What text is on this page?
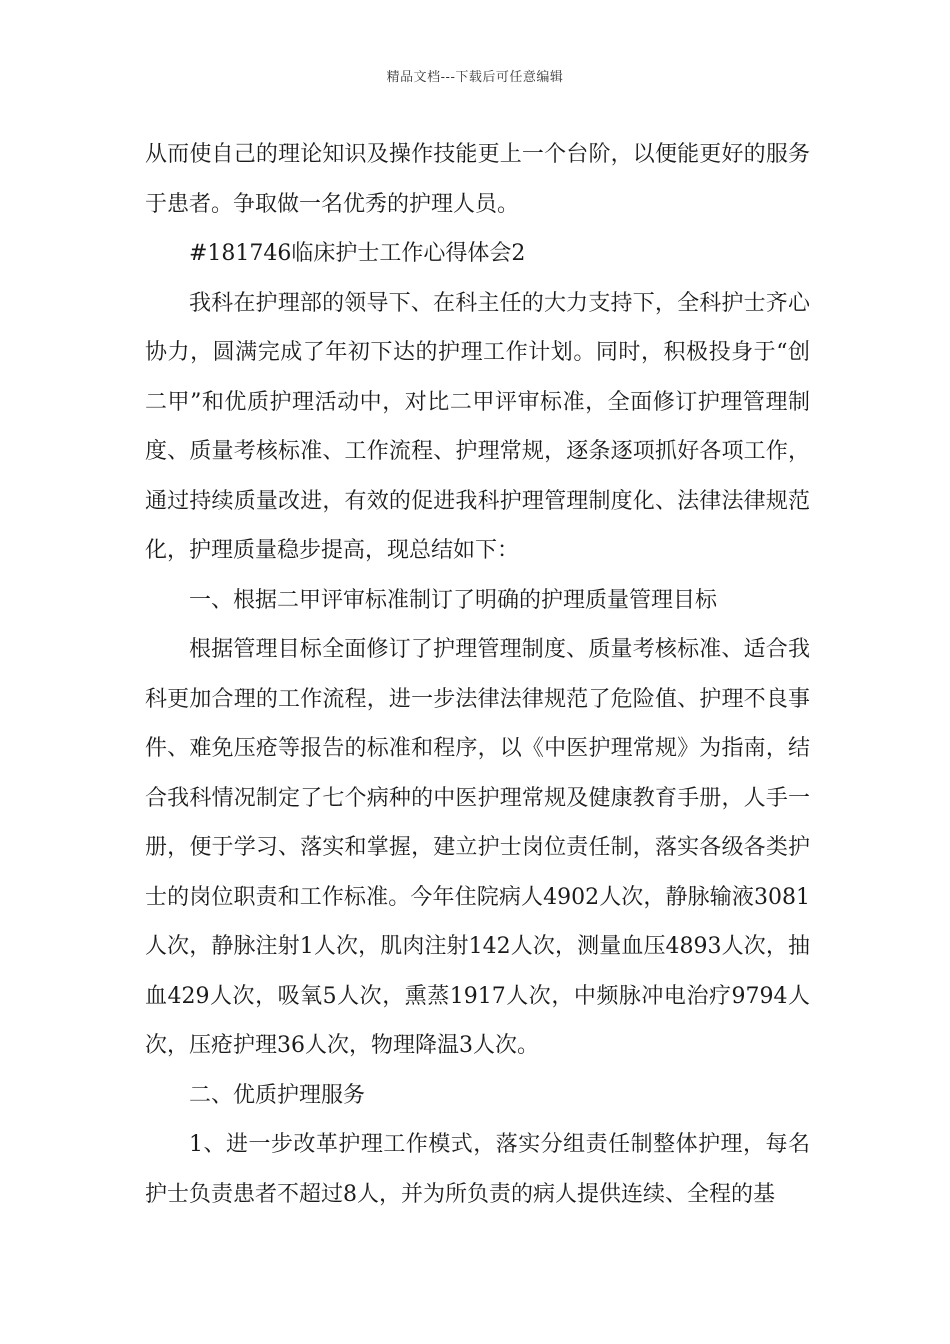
精品文档---下载后可任意编辑

从而使自己的理论知识及操作技能更上一个台阶，以便能更好的服务于患者。争取做一名优秀的护理人员。

#181746临床护士工作心得体会2

我科在护理部的领导下、在科主任的大力支持下，全科护士齐心协力，圆满完成了年初下达的护理工作计划。同时，积极投身于“创二甲”和优质护理活动中，对比二甲评审标准，全面修订护理管理制度、质量考核标准、工作流程、护理常规，逐条逐项抓好各项工作，通过持续质量改进，有效的促进我科护理管理制度化、法律法律规范化，护理质量稳步提高，现总结如下：

一、根据二甲评审标准制订了明确的护理质量管理目标

根据管理目标全面修订了护理管理制度、质量考核标准、适合我科更加合理的工作流程，进一步法律法律规范了危险值、护理不良事件、难免压疮等报告的标准和程序，以《中医护理常规》为指南，结合我科情况制定了七个病种的中医护理常规及健康教育手册，人手一册，便于学习、落实和掌握，建立护士岗位责任制，落实各级各类护士的岗位职责和工作标准。今年住院病人4902人次，静脉输液3081人次，静脉注射1人次，肌肉注射142人次，测量血压4893人次，抽血429人次，吸氧5人次，熏蒸1917人次，中频脉冲电治疗9794人次，压疮护理36人次，物理降温3人次。

二、优质护理服务

1、进一步改革护理工作模式，落实分组责任制整体护理，每名护士负责患者不超过8人，并为所负责的病人提供连续、全程的基
